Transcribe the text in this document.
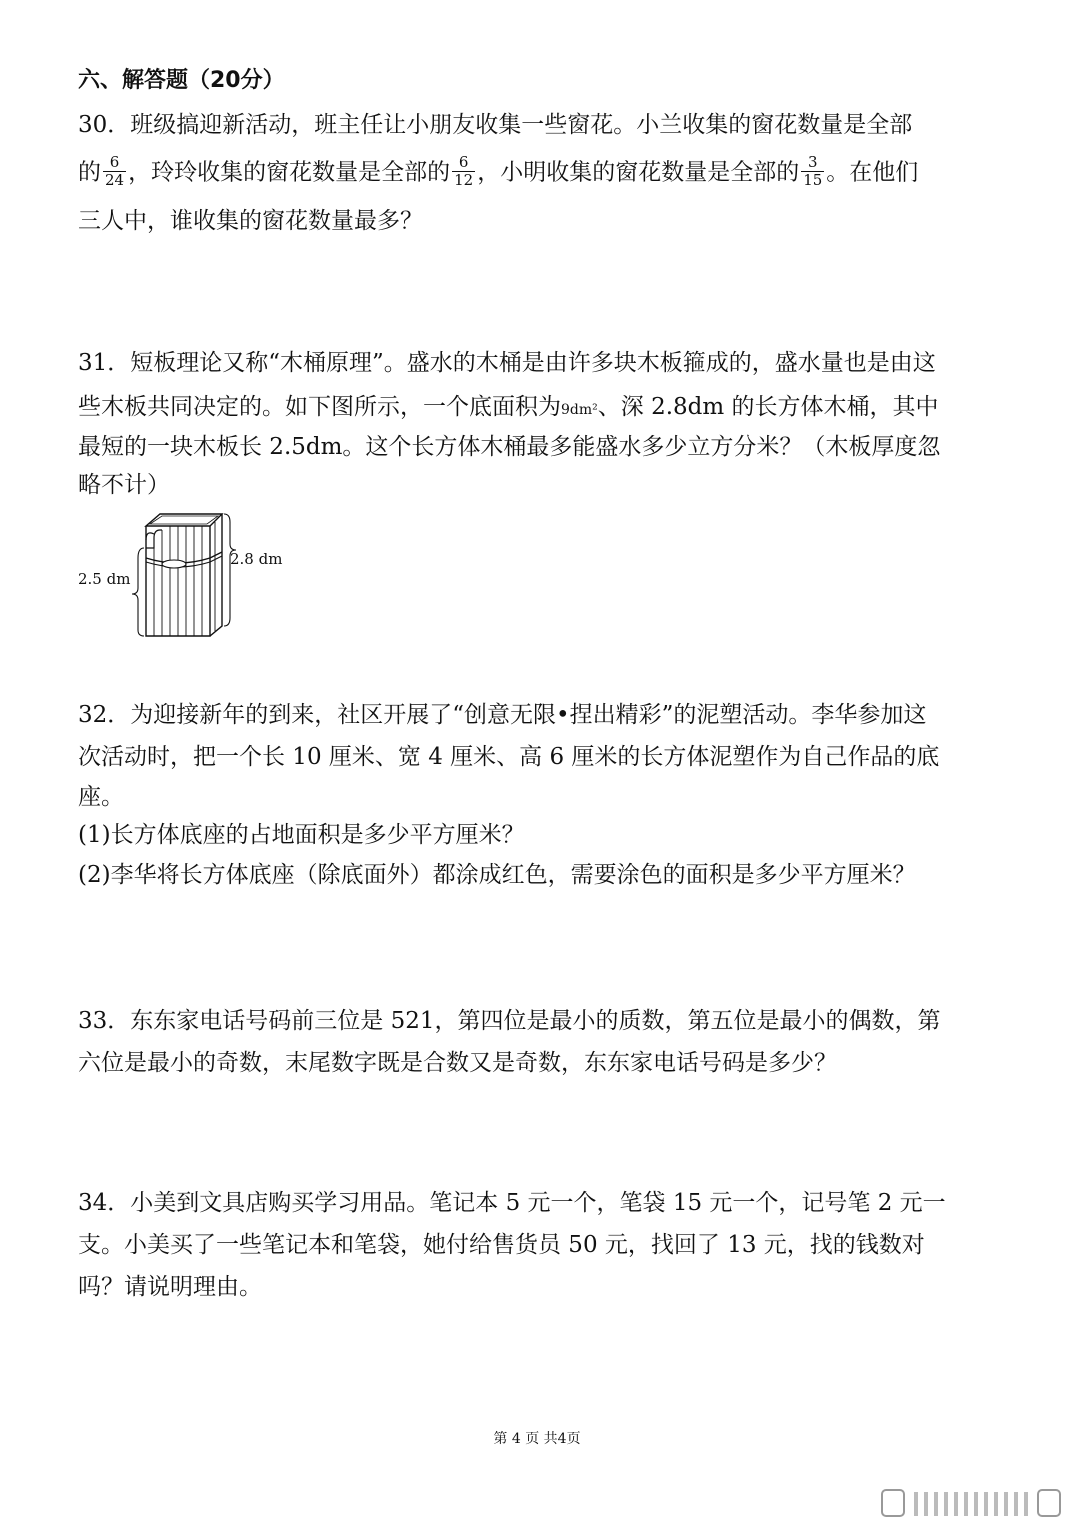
六、解答题（20分）
30．班级搞迎新活动，班主任让小朋友收集一些窗花。小兰收集的窗花数量是全部
的 $\frac{6}{24}$ ，玲玲收集的窗花数量是全部的 $\frac{6}{12}$ ，小明收集的窗花数量是全部的 $\frac{3}{15}$ 。在他们
三人中，谁收集的窗花数量最多？
31．短板理论又称“木桶原理”。盛水的木桶是由许多块木板箍成的，盛水量也是由这
些木板共同决定的。如下图所示，一个底面积为9dm²、深 2.8dm 的长方体木桶，其中
最短的一块木板长 2.5dm。这个长方体木桶最多能盛水多少立方分米？（木板厚度忽
略不计）
2.5 dm
2.8 dm
32．为迎接新年的到来，社区开展了“创意无限•捏出精彩”的泥塑活动。李华参加这
次活动时，把一个长 10 厘米、宽 4 厘米、高 6 厘米的长方体泥塑作为自己作品的底
座。
(1)长方体底座的占地面积是多少平方厘米？
(2)李华将长方体底座（除底面外）都涂成红色，需要涂色的面积是多少平方厘米？
33．东东家电话号码前三位是 521，第四位是最小的质数，第五位是最小的偶数，第
六位是最小的奇数，末尾数字既是合数又是奇数，东东家电话号码是多少？
34．小美到文具店购买学习用品。笔记本 5 元一个，笔袋 15 元一个，记号笔 2 元一
支。小美买了一些笔记本和笔袋，她付给售货员 50 元，找回了 13 元，找的钱数对
吗？请说明理由。
第 4 页 共4页
